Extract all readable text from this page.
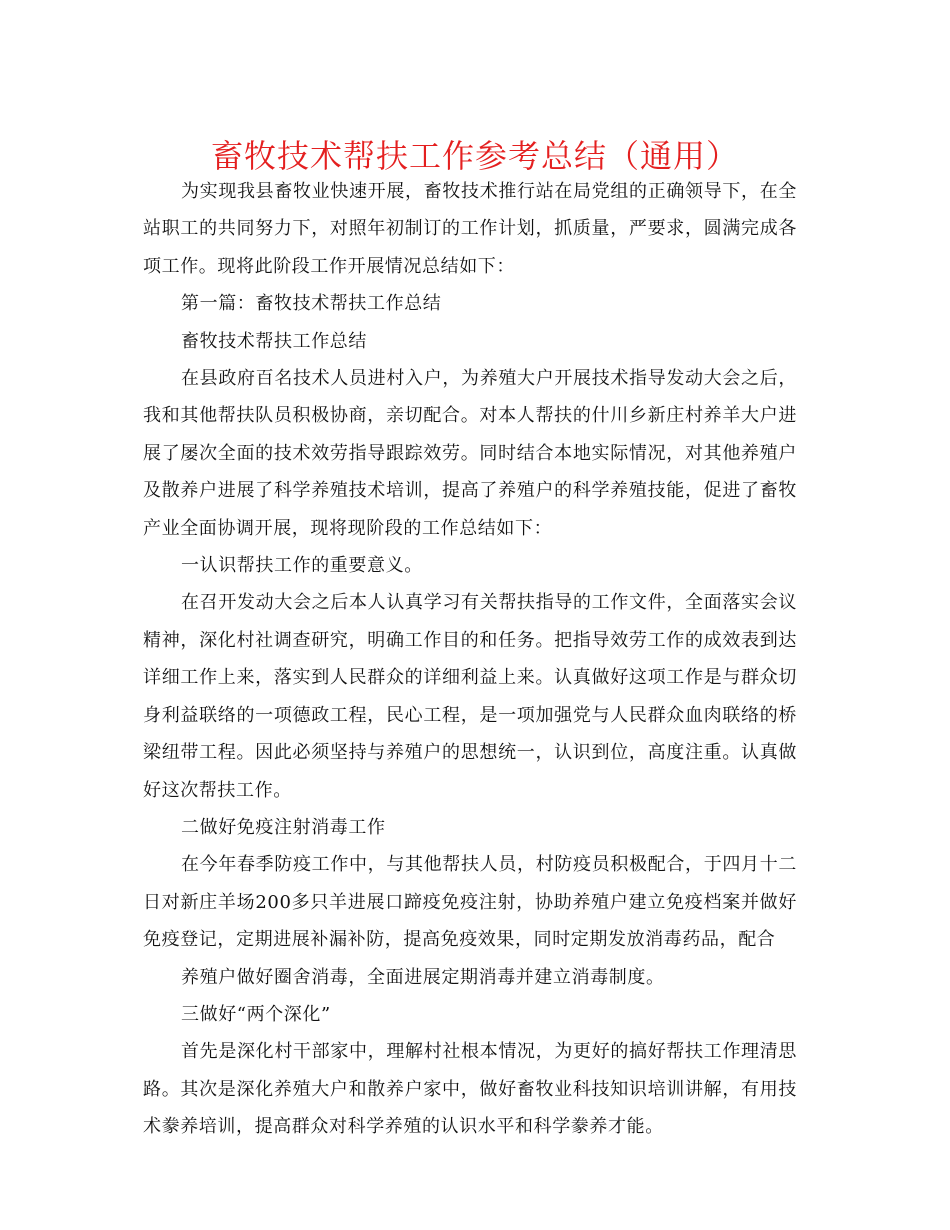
畜牧技术帮扶工作参考总结（通用）

为实现我县畜牧业快速开展，畜牧技术推行站在局党组的正确领导下，在全站职工的共同努力下，对照年初制订的工作计划，抓质量，严要求，圆满完成各项工作。现将此阶段工作开展情况总结如下：

第一篇：畜牧技术帮扶工作总结

畜牧技术帮扶工作总结

在县政府百名技术人员进村入户，为养殖大户开展技术指导发动大会之后，我和其他帮扶队员积极协商，亲切配合。对本人帮扶的什川乡新庄村养羊大户进展了屡次全面的技术效劳指导跟踪效劳。同时结合本地实际情况，对其他养殖户及散养户进展了科学养殖技术培训，提高了养殖户的科学养殖技能，促进了畜牧产业全面协调开展，现将现阶段的工作总结如下：

一认识帮扶工作的重要意义。

在召开发动大会之后本人认真学习有关帮扶指导的工作文件，全面落实会议精神，深化村社调查研究，明确工作目的和任务。把指导效劳工作的成效表到达详细工作上来，落实到人民群众的详细利益上来。认真做好这项工作是与群众切身利益联络的一项德政工程，民心工程，是一项加强党与人民群众血肉联络的桥梁纽带工程。因此必须坚持与养殖户的思想统一，认识到位，高度注重。认真做好这次帮扶工作。

二做好免疫注射消毒工作

在今年春季防疫工作中，与其他帮扶人员，村防疫员积极配合，于四月十二日对新庄羊场200多只羊进展口蹄疫免疫注射，协助养殖户建立免疫档案并做好免疫登记，定期进展补漏补防，提高免疫效果，同时定期发放消毒药品，配合

养殖户做好圈舍消毒，全面进展定期消毒并建立消毒制度。

三做好“两个深化”

首先是深化村干部家中，理解村社根本情况，为更好的搞好帮扶工作理清思路。其次是深化养殖大户和散养户家中，做好畜牧业科技知识培训讲解，有用技术豢养培训，提高群众对科学养殖的认识水平和科学豢养才能。
